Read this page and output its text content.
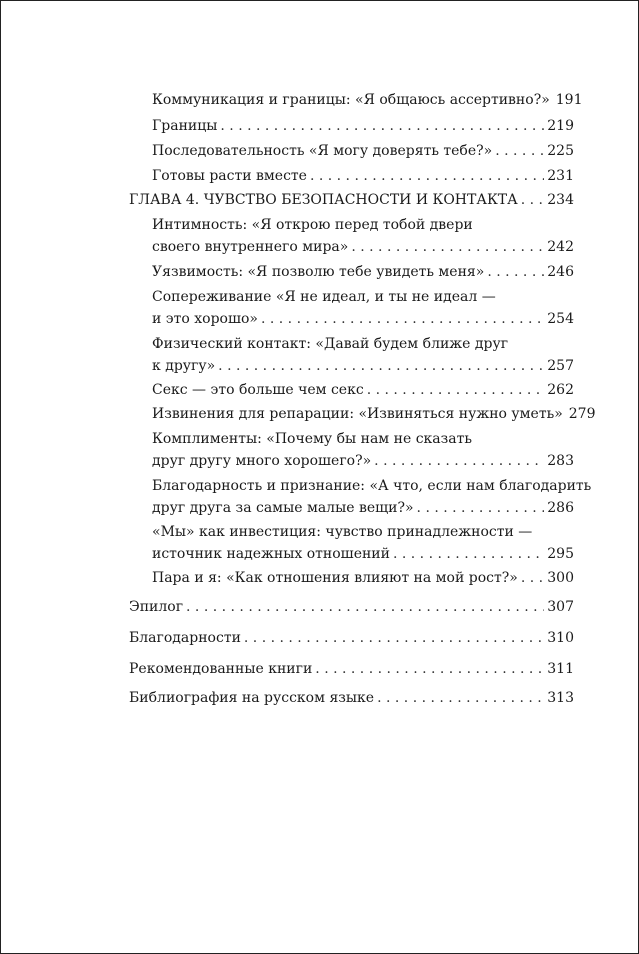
Коммуникация и границы: «Я общаюсь ассертивно?» 191
Границы . . .	219
Последовательность «Я могу доверять тебе?» . . .	225
Готовы расти вместе . . .	231
ГЛАВА 4. ЧУВСТВО БЕЗОПАСНОСТИ И КОНТАКТА . . . 234
Интимность: «Я открою перед тобой двери
своего внутреннего мира» . . .	242
Уязвимость: «Я позволю тебе увидеть меня» . . .	246
Сопереживание «Я не идеал, и ты не идеал —
и это хорошо» . . .	254
Физический контакт: «Давай будем ближе друг
к другу» . . .	257
Секс — это больше чем секс . . .	262
Извинения для репарации: «Извиняться нужно уметь» 279
Комплименты: «Почему бы нам не сказать
друг другу много хорошего?» . . .	283
Благодарность и признание: «А что, если нам благодарить
друг друга за самые малые вещи?» . . .	286
«Мы» как инвестиция: чувство принадлежности —
источник надежных отношений . . .	295
Пара и я: «Как отношения влияют на мой рост?» . . . 300
Эпилог . . .	307
Благодарности . . .	310
Рекомендованные книги . . .	311
Библиография на русском языке . . .	313
